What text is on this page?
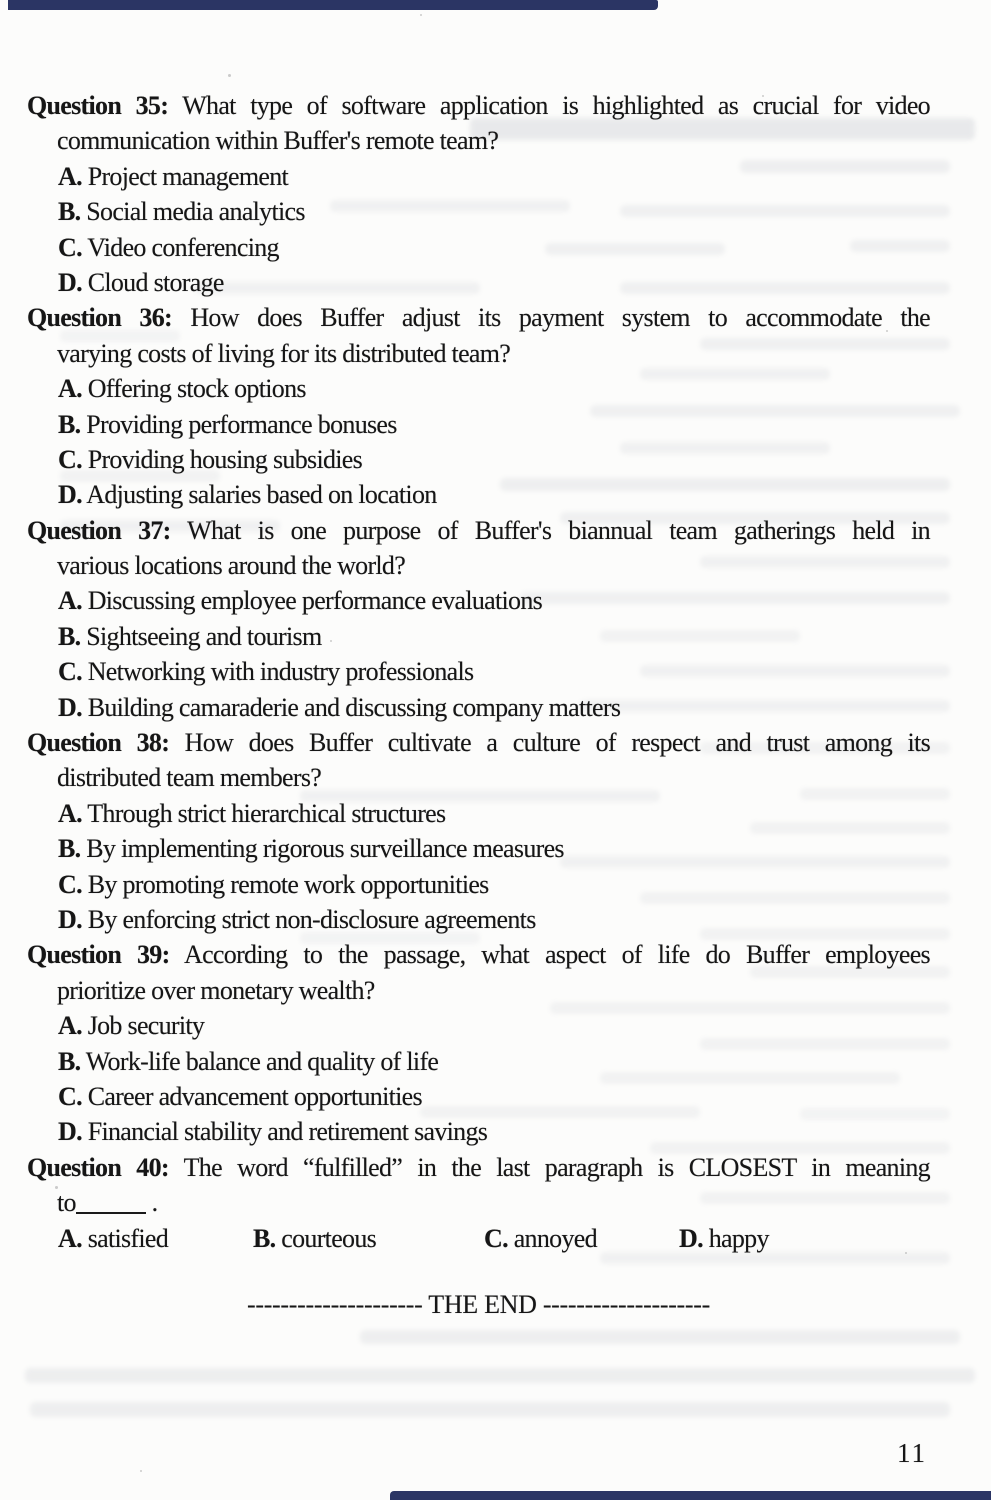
Question 35: What type of software application is highlighted as crucial for video
communication within Buffer's remote team?
A. Project management
B. Social media analytics
C. Video conferencing
D. Cloud storage
Question 36: How does Buffer adjust its payment system to accommodate the
varying costs of living for its distributed team?
A. Offering stock options
B. Providing performance bonuses
C. Providing housing subsidies
D. Adjusting salaries based on location
Question 37: What is one purpose of Buffer's biannual team gatherings held in
various locations around the world?
A. Discussing employee performance evaluations
B. Sightseeing and tourism
C. Networking with industry professionals
D. Building camaraderie and discussing company matters
Question 38: How does Buffer cultivate a culture of respect and trust among its
distributed team members?
A. Through strict hierarchical structures
B. By implementing rigorous surveillance measures
C. By promoting remote work opportunities
D. By enforcing strict non-disclosure agreements
Question 39: According to the passage, what aspect of life do Buffer employees
prioritize over monetary wealth?
A. Job security
B. Work-life balance and quality of life
C. Career advancement opportunities
D. Financial stability and retirement savings
Question 40: The word “fulfilled” in the last paragraph is CLOSEST in meaning
to	.
A. satisfied	B. courteous	C. annoyed	D. happy
--------------------- THE END --------------------
11
